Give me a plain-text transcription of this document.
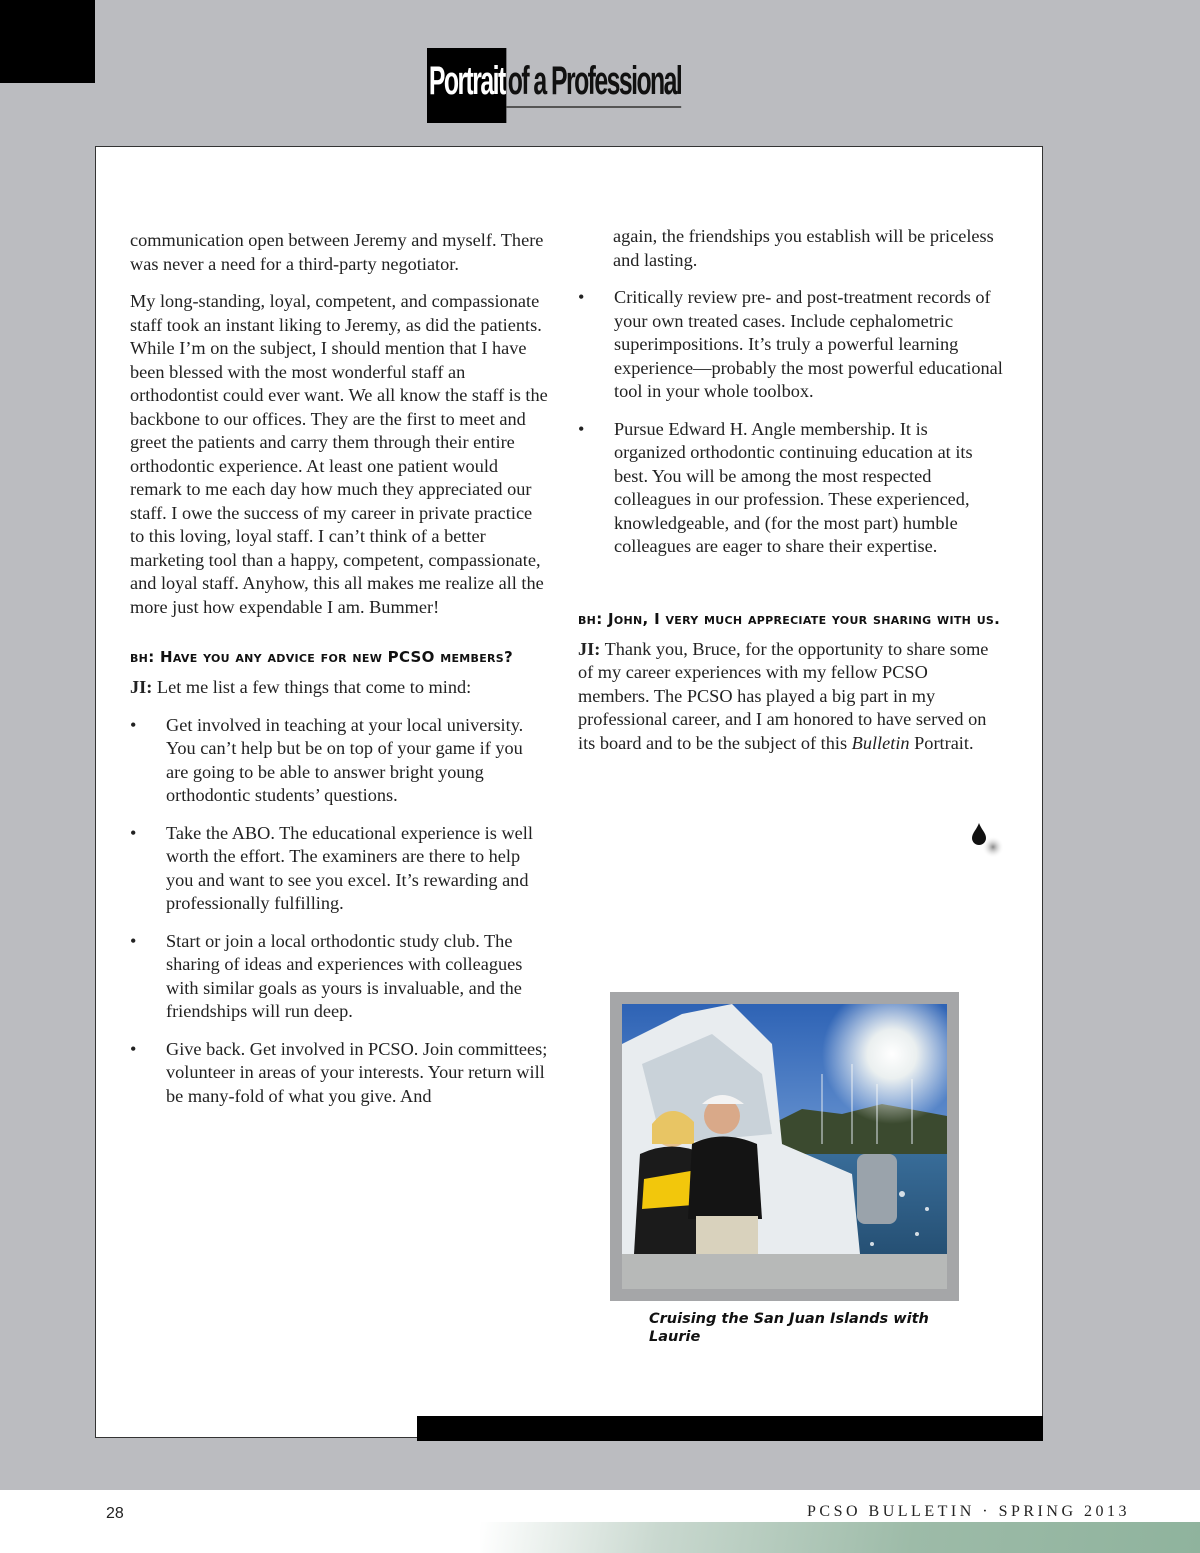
Portrait of a Professional

communication open between Jeremy and myself. There was never a need for a third-party negotiator.

My long-standing, loyal, competent, and compassionate staff took an instant liking to Jeremy, as did the patients. While I’m on the subject, I should mention that I have been blessed with the most wonderful staff an orthodontist could ever want. We all know the staff is the backbone to our offices. They are the first to meet and greet the patients and carry them through their entire orthodontic experience. At least one patient would remark to me each day how much they appreciated our staff. I owe the success of my career in private practice to this loving, loyal staff. I can’t think of a better marketing tool than a happy, competent, compassionate, and loyal staff. Anyhow, this all makes me realize all the more just how expendable I am. Bummer!

bh: Have you any advice for new PCSO members?

JI: Let me list a few things that come to mind:

• Get involved in teaching at your local university. You can’t help but be on top of your game if you are going to be able to answer bright young orthodontic students’ questions.
• Take the ABO. The educational experience is well worth the effort. The examiners are there to help you and want to see you excel. It’s rewarding and professionally fulfilling.
• Start or join a local orthodontic study club. The sharing of ideas and experiences with colleagues with similar goals as yours is invaluable, and the friendships will run deep.
• Give back. Get involved in PCSO. Join committees; volunteer in areas of your interests. Your return will be many-fold of what you give. And

again, the friendships you establish will be priceless and lasting.

• Critically review pre- and post-treatment records of your own treated cases. Include cephalometric superimpositions. It’s truly a powerful learning experience—probably the most powerful educational tool in your whole toolbox.
• Pursue Edward H. Angle membership. It is organized orthodontic continuing education at its best. You will be among the most respected colleagues in our profession. These experienced, knowledgeable, and (for the most part) humble colleagues are eager to share their expertise.
bh: John, I very much appreciate your sharing with us.

JI: Thank you, Bruce, for the opportunity to share some of my career experiences with my fellow PCSO members. The PCSO has played a big part in my professional career, and I am honored to have served on its board and to be the subject of this Bulletin Portrait.

Cruising the San Juan Islands with Laurie
28	PCSO BULLETIN · SPRING 2013
